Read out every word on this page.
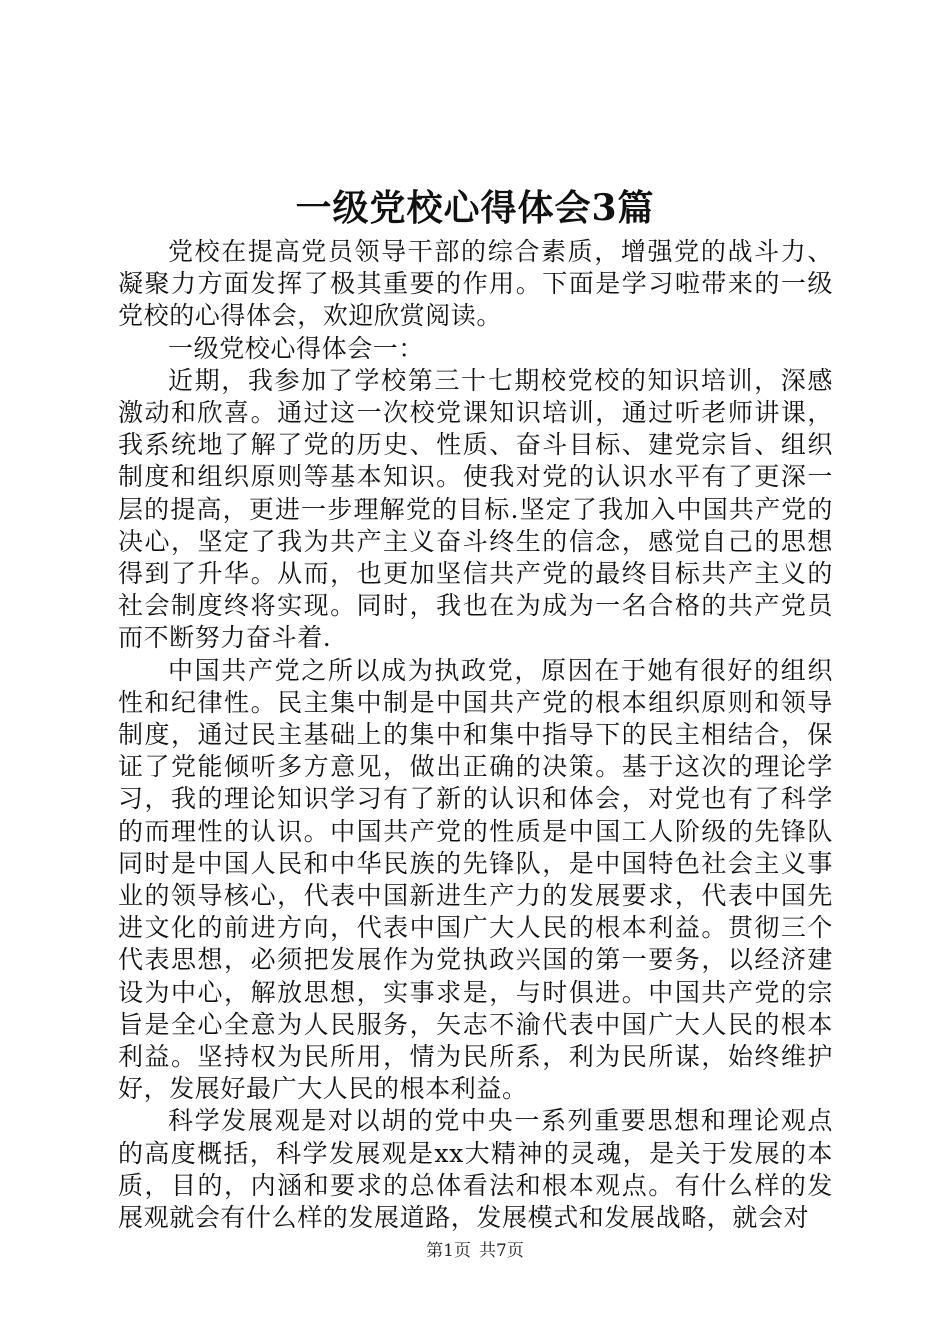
一级党校心得体会3篇

党校在提高党员领导干部的综合素质，增强党的战斗力、凝聚力方面发挥了极其重要的作用。下面是学习啦带来的一级党校的心得体会，欢迎欣赏阅读。

一级党校心得体会一：

近期，我参加了学校第三十七期校党校的知识培训，深感激动和欣喜。通过这一次校党课知识培训，通过听老师讲课，我系统地了解了党的历史、性质、奋斗目标、建党宗旨、组织制度和组织原则等基本知识。使我对党的认识水平有了更深一层的提高，更进一步理解党的目标.坚定了我加入中国共产党的决心，坚定了我为共产主义奋斗终生的信念，感觉自己的思想得到了升华。从而，也更加坚信共产党的最终目标共产主义的社会制度终将实现。同时，我也在为成为一名合格的共产党员而不断努力奋斗着.

中国共产党之所以成为执政党，原因在于她有很好的组织性和纪律性。民主集中制是中国共产党的根本组织原则和领导制度，通过民主基础上的集中和集中指导下的民主相结合，保证了党能倾听多方意见，做出正确的决策。基于这次的理论学习，我的理论知识学习有了新的认识和体会，对党也有了科学的而理性的认识。中国共产党的性质是中国工人阶级的先锋队同时是中国人民和中华民族的先锋队，是中国特色社会主义事业的领导核心，代表中国新进生产力的发展要求，代表中国先进文化的前进方向，代表中国广大人民的根本利益。贯彻三个代表思想，必须把发展作为党执政兴国的第一要务，以经济建设为中心，解放思想，实事求是，与时俱进。中国共产党的宗旨是全心全意为人民服务，矢志不渝代表中国广大人民的根本利益。坚持权为民所用，情为民所系，利为民所谋，始终维护好，发展好最广大人民的根本利益。

科学发展观是对以胡的党中央一系列重要思想和理论观点的高度概括，科学发展观是xx大精神的灵魂，是关于发展的本质，目的，内涵和要求的总体看法和根本观点。有什么样的发展观就会有什么样的发展道路，发展模式和发展战略，就会对

第1页 共7页
